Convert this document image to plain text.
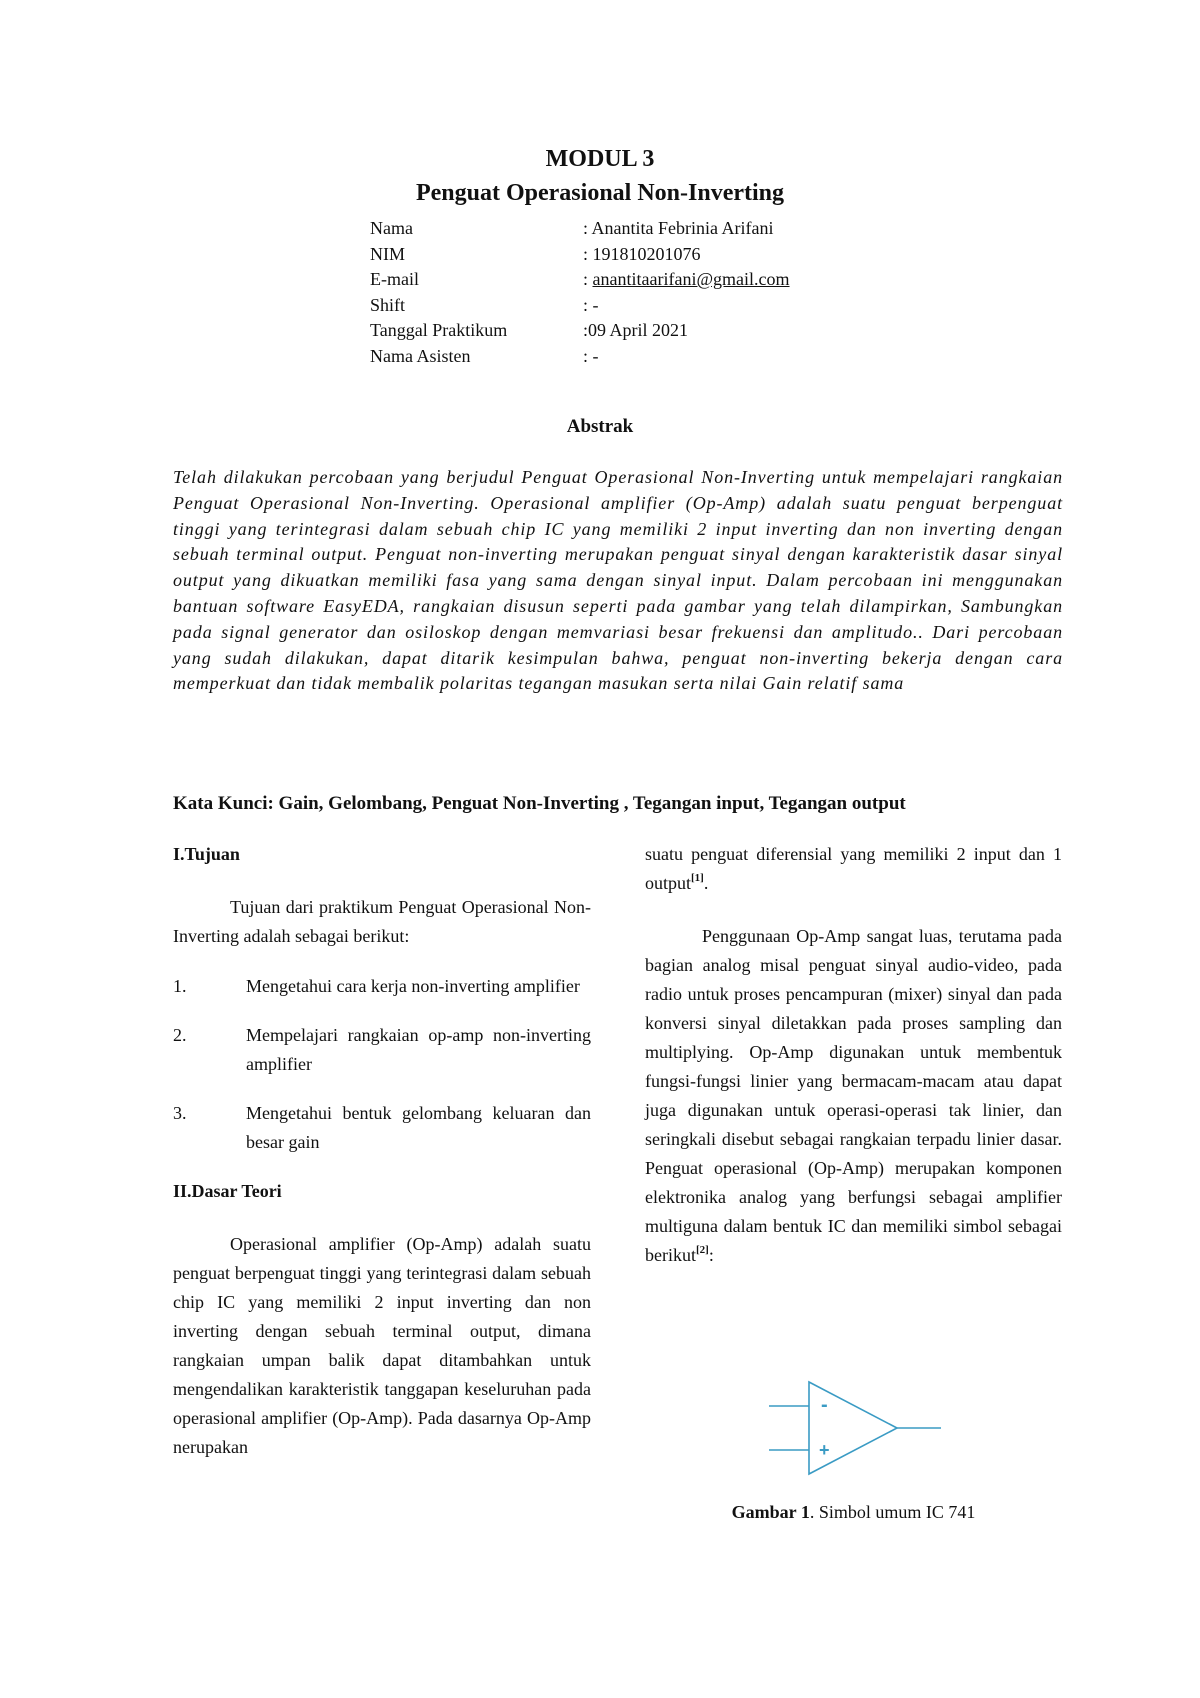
MODUL 3
Penguat Operasional Non-Inverting
Nama	: Anantita Febrinia Arifani
NIM	: 191810201076
E-mail	: anantitaarifani@gmail.com
Shift	: -
Tanggal Praktikum	:09 April 2021
Nama Asisten	: -
Abstrak
Telah dilakukan percobaan yang berjudul Penguat Operasional Non-Inverting untuk mempelajari rangkaian Penguat Operasional Non-Inverting. Operasional amplifier (Op-Amp) adalah suatu penguat berpenguat tinggi yang terintegrasi dalam sebuah chip IC yang memiliki 2 input inverting dan non inverting dengan sebuah terminal output. Penguat non-inverting merupakan penguat sinyal dengan karakteristik dasar sinyal output yang dikuatkan memiliki fasa yang sama dengan sinyal input. Dalam percobaan ini menggunakan bantuan software EasyEDA, rangkaian disusun seperti pada gambar yang telah dilampirkan, Sambungkan pada signal generator dan osiloskop dengan memvariasi besar frekuensi dan amplitudo.. Dari percobaan yang sudah dilakukan, dapat ditarik kesimpulan bahwa, penguat non-inverting bekerja dengan cara memperkuat dan tidak membalik polaritas tegangan masukan serta nilai Gain relatif sama
Kata Kunci: Gain, Gelombang, Penguat Non-Inverting , Tegangan input, Tegangan output
I.Tujuan

Tujuan dari praktikum Penguat Operasional Non-Inverting adalah sebagai berikut:

1.	Mengetahui cara kerja non-inverting amplifier
2.	Mempelajari rangkaian op-amp non-inverting amplifier
3.	Mengetahui bentuk gelombang keluaran dan besar gain
II.Dasar Teori

Operasional amplifier (Op-Amp) adalah suatu penguat berpenguat tinggi yang terintegrasi dalam sebuah chip IC yang memiliki 2 input inverting dan non inverting dengan sebuah terminal output, dimana rangkaian umpan balik dapat ditambahkan untuk mengendalikan karakteristik tanggapan keseluruhan pada operasional amplifier (Op-Amp). Pada dasarnya Op-Amp nerupakan

suatu penguat diferensial yang memiliki 2 input dan 1 output[1].

Penggunaan Op-Amp sangat luas, terutama pada bagian analog misal penguat sinyal audio-video, pada radio untuk proses pencampuran (mixer) sinyal dan pada konversi sinyal diletakkan pada proses sampling dan multiplying. Op-Amp digunakan untuk membentuk fungsi-fungsi linier yang bermacam-macam atau dapat juga digunakan untuk operasi-operasi tak linier, dan seringkali disebut sebagai rangkaian terpadu linier dasar. Penguat operasional (Op-Amp) merupakan komponen elektronika analog yang berfungsi sebagai amplifier multiguna dalam bentuk IC dan memiliki simbol sebagai berikut[2]:

-
+
Gambar 1. Simbol umum IC 741
